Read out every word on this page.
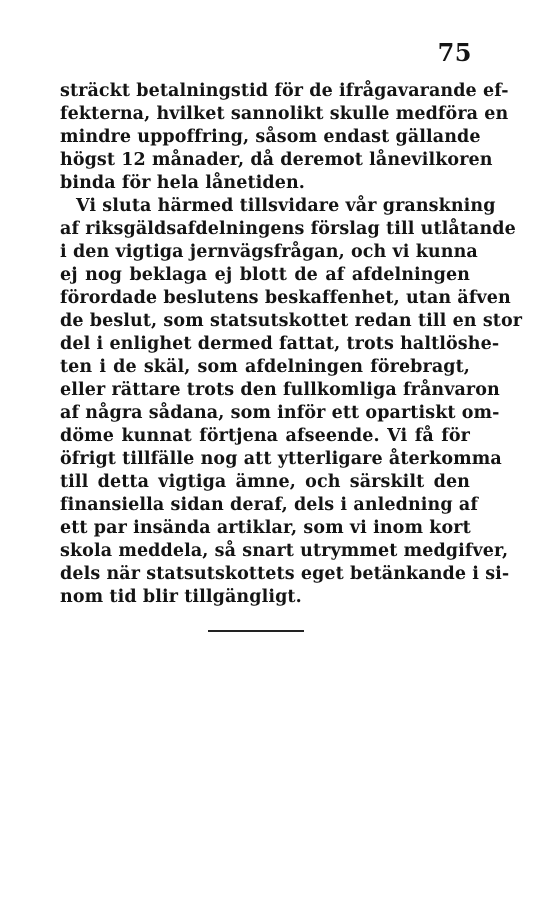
75
sträckt betalningstid för de ifrågavarande ef-
fekterna, hvilket sannolikt skulle medföra en
mindre uppoffring, såsom endast gällande
högst 12 månader, då deremot lånevilkoren
binda för hela lånetiden.
Vi sluta härmed tillsvidare vår granskning
af riksgäldsafdelningens förslag till utlåtande
i den vigtiga jernvägsfrågan, och vi kunna
ej nog beklaga ej blott de af afdelningen
förordade beslutens beskaffenhet, utan äfven
de beslut, som statsutskottet redan till en stor
del i enlighet dermed fattat, trots haltlöshe-
ten i de skäl, som afdelningen förebragt,
eller rättare trots den fullkomliga frånvaron
af några sådana, som inför ett opartiskt om-
döme kunnat förtjena afseende. Vi få för
öfrigt tillfälle nog att ytterligare återkomma
till detta vigtiga ämne, och särskilt den
finansiella sidan deraf, dels i anledning af
ett par insända artiklar, som vi inom kort
skola meddela, så snart utrymmet medgifver,
dels när statsutskottets eget betänkande i si-
nom tid blir tillgängligt.
